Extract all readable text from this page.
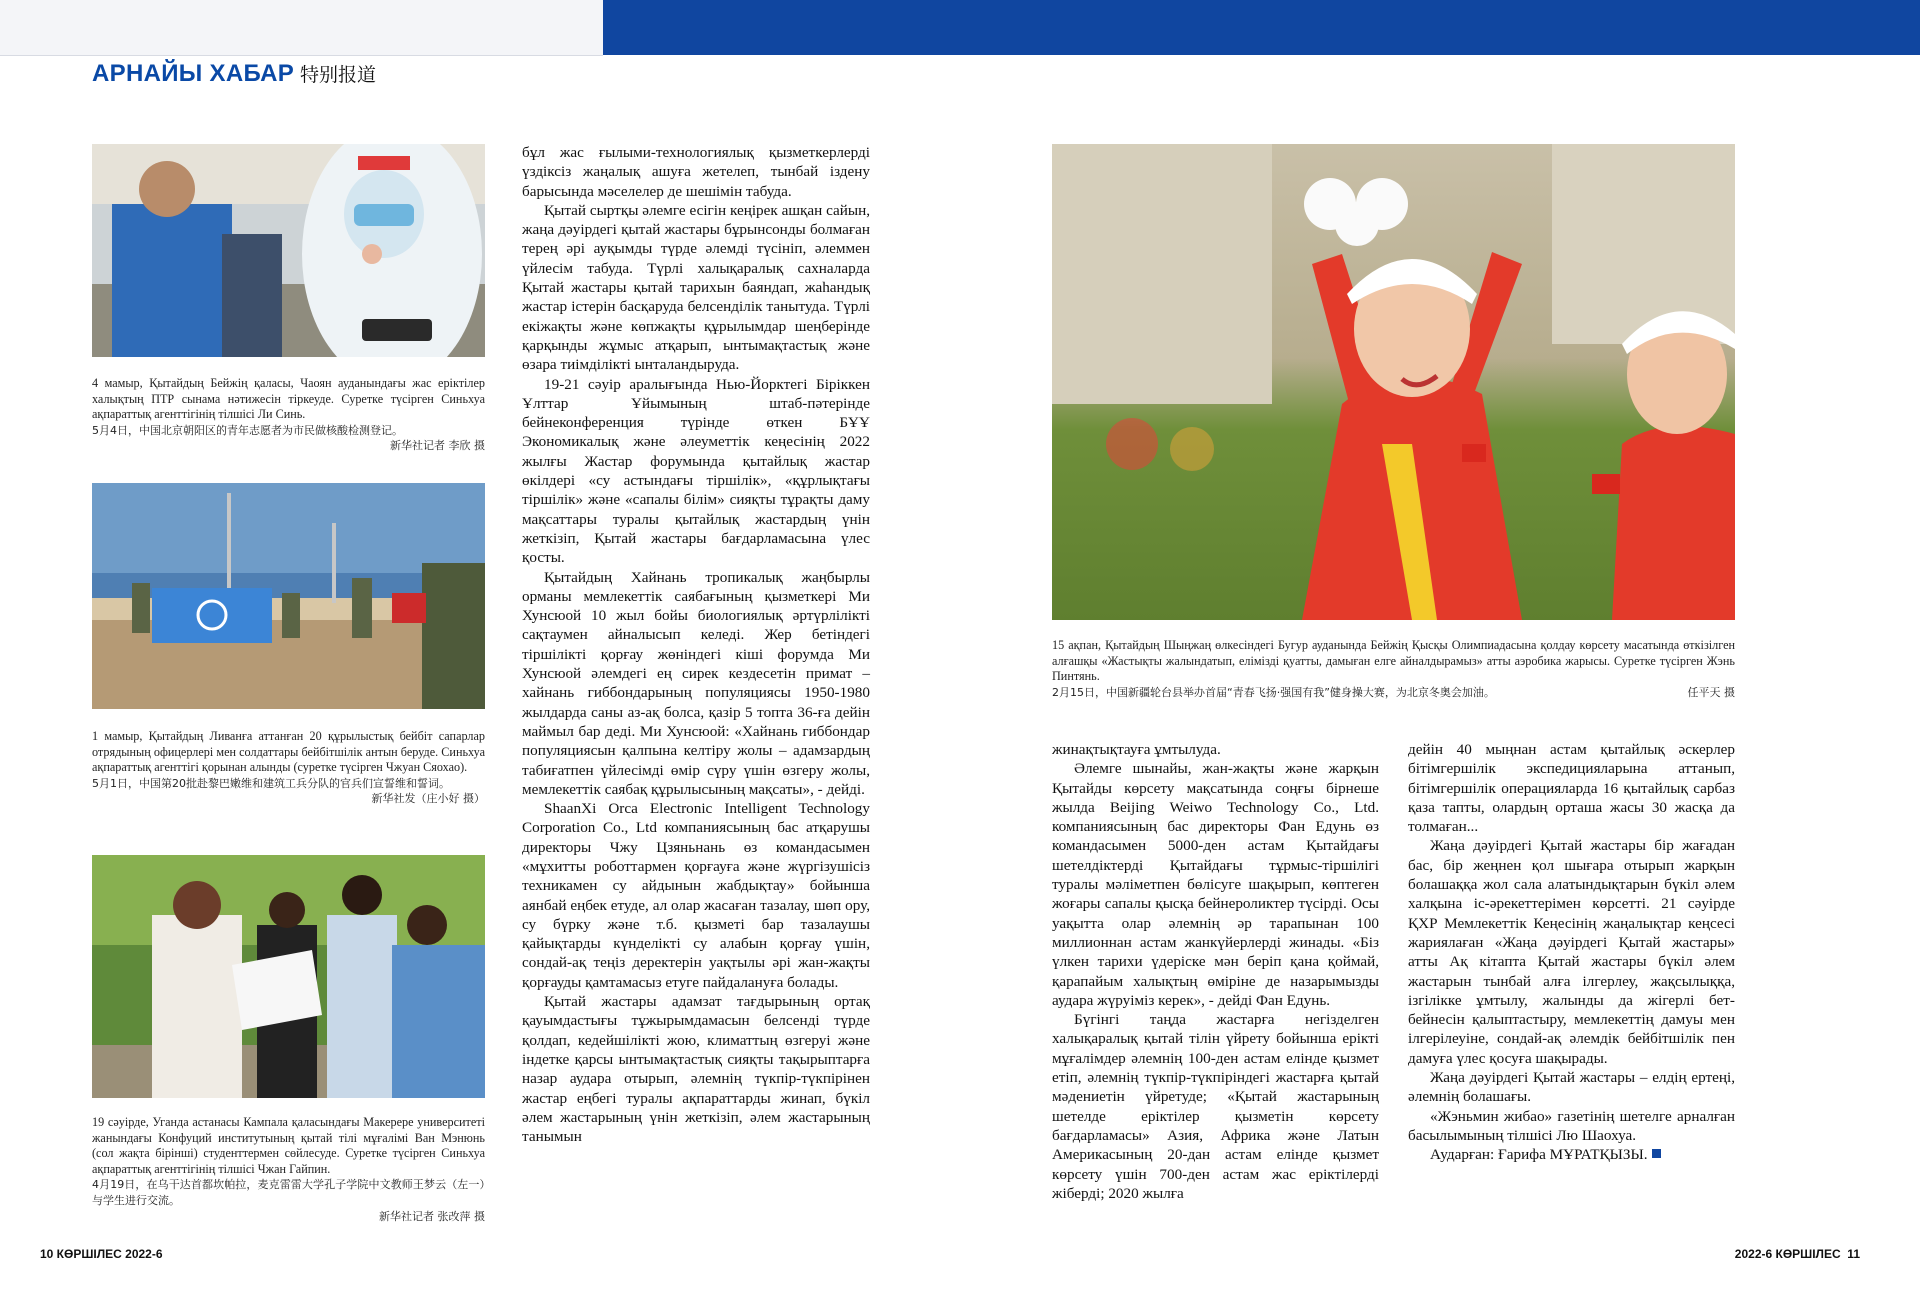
АРНАЙЫ ХАБАР 特别报道
4 мамыр, Қытайдың Бейжің қаласы, Чаоян ауданындағы жас еріктілер халықтың ПТР сынама нәтижесін тіркеуде. Суретке түсірген Синьхуа ақпараттық агенттігінің тілшісі Ли Синь.
5月4日，中国北京朝阳区的青年志愿者为市民做核酸检测登记。
新华社记者 李欣 摄
1 мамыр, Қытайдың Ливанға аттанған 20 құрылыстық бейбіт сапарлар отрядының офицерлері мен солдаттары бейбітшілік антын беруде. Синьхуа ақпараттық агенттігі қорынан алынды (суретке түсірген Чжуан Сяохао).
5月1日，中国第20批赴黎巴嫩维和建筑工兵分队的官兵们宣誓维和誓词。
新华社发（庄小好 摄）
19 сәуірде, Уганда астанасы Кампала қаласындағы Макерере университеті жанындағы Конфуций институтының қытай тілі мұғалімі Ван Мэнюнь (сол жақта бірінші) студенттермен сөйлесуде. Суретке түсірген Синьхуа ақпараттық агенттігінің тілшісі Чжан Гайпин.
4月19日，在乌干达首都坎帕拉，麦克雷雷大学孔子学院中文教师王梦云（左一）与学生进行交流。
新华社记者 张改萍 摄

бұл жас ғылыми-технологиялық қызметкерлерді үздіксіз жаңалық ашуға жетелеп, тынбай іздену барысында мәселелер де шешімін табуда.

Қытай сыртқы әлемге есігін кеңірек ашқан сайын, жаңа дәуірдегі қытай жастары бұрынсонды болмаған терең әрі ауқымды түрде әлемді түсініп, әлеммен үйлесім табуда. Түрлі халықаралық сахналарда Қытай жастары қытай тарихын баяндап, жаһандық жастар істерін басқаруда белсенділік танытуда. Түрлі екіжақты және көпжақты құрылымдар шеңберінде қарқынды жұмыс атқарып, ынтымақтастық және өзара тиімділікті ынталандыруда.

19-21 сәуір аралығында Нью-Йорктегі Біріккен Ұлттар Ұйымының штаб-пәтерінде бейнеконференция түрінде өткен БҰҰ Экономикалық және әлеуметтік кеңесінің 2022 жылғы Жастар форумында қытайлық жастар өкілдері «су астындағы тіршілік», «құрлықтағы тіршілік» және «сапалы білім» сияқты тұрақты даму мақсаттары туралы қытайлық жастардың үнін жеткізіп, Қытай жастары бағдарламасына үлес қосты.

Қытайдың Хайнань тропикалық жаңбырлы орманы мемлекеттік саябағының қызметкері Ми Хунсюой 10 жыл бойы биологиялық әртүрлілікті сақтаумен айналысып келеді. Жер бетіндегі тіршілікті қорғау жөніндегі кіші форумда Ми Хунсюой әлемдегі ең сирек кездесетін примат – хайнань гиббондарының популяциясы 1950-1980 жылдарда саны аз-ақ болса, қазір 5 топта 36-ға дейін маймыл бар деді. Ми Хунсюой: «Хайнань гиббондар популяциясын қалпына келтіру жолы – адамзардың табиғатпен үйлесімді өмір сүру үшін өзгеру жолы, мемлекеттік саябақ құрылысының мақсаты», - дейді.

ShaanXi Orca Electronic Intelligent Technology Corporation Co., Ltd компаниясының бас атқарушы директоры Чжу Цзяньнань өз командасымен «мұхитты роботтармен қорғауға және жүргізушісіз техникамен су айдынын жабдықтау» бойынша аянбай еңбек етуде, ал олар жасаған тазалау, шөп ору, су бүрку және т.б. қызметі бар тазалаушы қайықтарды күнделікті су алабын қорғау үшін, сондай-ақ теңіз деректерін уақтылы әрі жан-жақты қорғауды қамтамасыз етуге пайдалануға болады.

Қытай жастары адамзат тағдырының ортақ қауымдастығы тұжырымдамасын белсенді түрде қолдап, кедейшілікті жою, климаттың өзгеруі және індетке қарсы ынтымақтастық сияқты тақырыптарға назар аудара отырып, әлемнің түкпір-түкпірінен жастар еңбегі туралы ақпараттарды жинап, бүкіл әлем жастарының үнін жеткізіп, әлем жастарының танымын

15 ақпан, Қытайдың Шыңжаң өлкесіндегі Бугур ауданында Бейжің Қысқы Олимпиадасына қолдау көрсету масатында өткізілген алғашқы «Жастықты жалындатып, елімізді қуатты, дамыған елге айналдырамыз» атты аэробика жарысы. Суретке түсірген Жэнь Пинтянь.
2月15日，中国新疆轮台县举办首届“青春飞扬·强国有我”健身操大赛，为北京冬奥会加油。	任平天 摄

жинақтықтауға ұмтылуда.

Әлемге шынайы, жан-жақты және жарқын Қытайды көрсету мақсатында соңғы бірнеше жылда Beijing Weiwo Technology Co., Ltd. компаниясының бас директоры Фан Едунь өз командасымен 5000-ден астам Қытайдағы шетелдіктерді Қытайдағы тұрмыс-тіршілігі туралы мәліметпен бөлісуге шақырып, көптеген жоғары сапалы қысқа бейнероликтер түсірді. Осы уақытта олар әлемнің әр тарапынан 100 миллионнан астам жанкүйерлерді жинады. «Біз үлкен тарихи үдерiске мән беріп қана қоймай, қарапайым халықтың өміріне де назарымызды аудара жүруіміз керек», - дейді Фан Едунь.

Бүгінгі таңда жастарға негізделген халықаралық қытай тілін үйрету бойынша ерікті мұғалімдер әлемнің 100-ден астам елінде қызмет етіп, әлемнің түкпір-түкпіріндегі жастарға қытай мәдениетін үйретуде; «Қытай жастарының шетелде еріктілер қызметін көрсету бағдарламасы» Азия, Африка және Латын Америкасының 20-дан астам елінде қызмет көрсету үшін 700-ден астам жас еріктілерді жіберді; 2020 жылға

дейін 40 мыңнан астам қытайлық әскерлер бітімгершілік экспедицияларына аттанып, бітімгершілік операцияларда 16 қытайлық сарбаз қаза тапты, олардың орташа жасы 30 жасқа да толмаған...

Жаңа дәуірдегі Қытай жастары бір жағадан бас, бір жеңнен қол шығара отырып жарқын болашаққа жол сала алатындықтарын бүкіл әлем халқына іс-әрекеттерімен көрсетті. 21 сәуірде ҚХР Мемлекеттік Кеңесінің жаңалықтар кеңсесі жариялаған «Жаңа дәуірдегі Қытай жастары» атты Ақ кітапта Қытай жастары бүкіл әлем жастарын тынбай алға ілгерлеу, жақсылыққа, ізгілікке ұмтылу, жалынды да жігерлі бет-бейнесін қалыптастыру, мемлекеттің дамуы мен ілгерілеуіне, сондай-ақ әлемдік бейбітшілік пен дамуға үлес қосуға шақырады.

Жаңа дәуірдегі Қытай жастары – елдің ертеңі, әлемнің болашағы.

«Жэньмин жибао» газетінің шетелге арналған басылымының тілшісі Лю Шаохуа.

Аударған: Ғарифа МҰРАТҚЫЗЫ.

10 КӨРШІЛЕС 2022-6	2022-6 КӨРШІЛЕС  11
